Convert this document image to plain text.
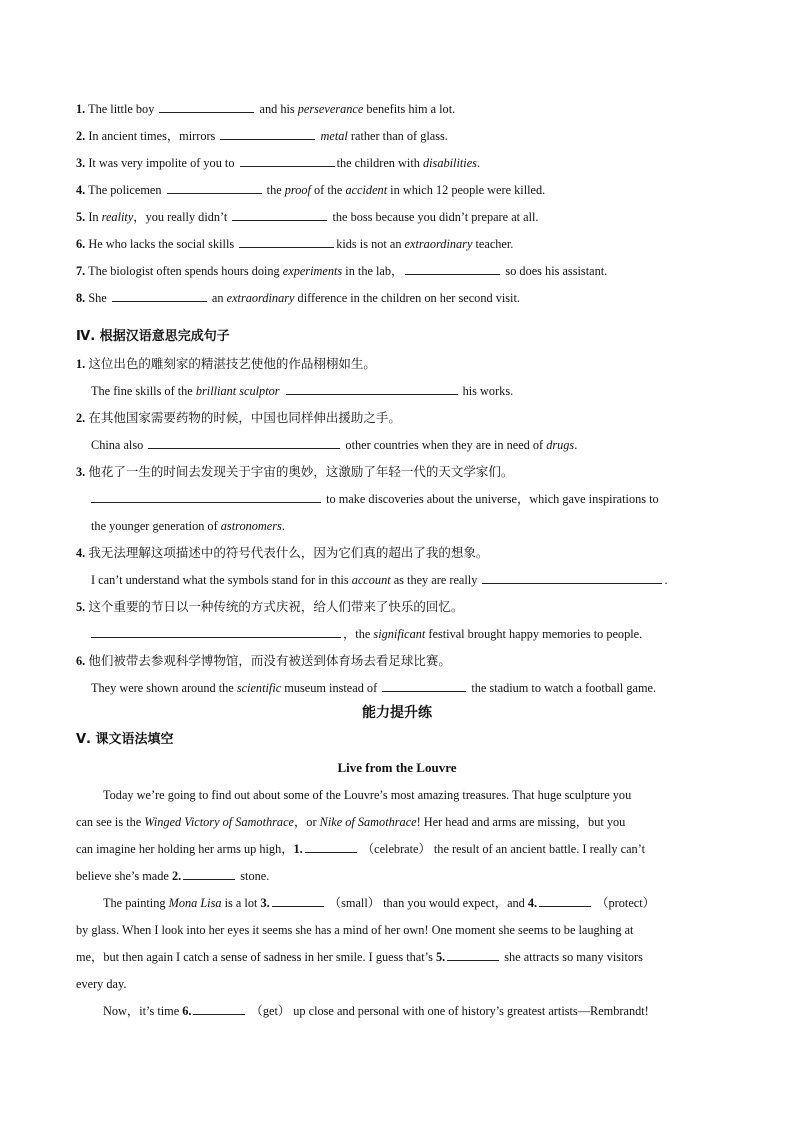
1. The little boy	and his perseverance benefits him a lot.
2. In ancient times，mirrors	metal rather than of glass.
3. It was very impolite of you to	the children with disabilities.
4. The policemen	the proof of the accident in which 12 people were killed.
5. In reality，you really didn’t	the boss because you didn’t prepare at all.
6. He who lacks the social skills	kids is not an extraordinary teacher.
7. The biologist often spends hours doing experiments in the lab，	so does his assistant.
8. She	an extraordinary difference in the children on her second visit.
Ⅳ. 根据汉语意思完成句子
1. 这位出色的雕刻家的精湛技艺使他的作品栩栩如生。
The fine skills of the brilliant sculptor	his works.
2. 在其他国家需要药物的时候，中国也同样伸出援助之手。
China also	other countries when they are in need of drugs.
3. 他花了一生的时间去发现关于宇宙的奥妙，这激励了年轻一代的天文学家们。
to make discoveries about the universe，which gave inspirations to
the younger generation of astronomers.
4. 我无法理解这项描述中的符号代表什么，因为它们真的超出了我的想象。
I can’t understand what the symbols stand for in this account as they are really	.
5. 这个重要的节日以一种传统的方式庆祝，给人们带来了快乐的回忆。
，the significant festival brought happy memories to people.
6. 他们被带去参观科学博物馆，而没有被送到体育场去看足球比赛。
They were shown around the scientific museum instead of	the stadium to watch a football game.
能力提升练
Ⅴ. 课文语法填空
Live from the Louvre
Today we’re going to find out about some of the Louvre’s most amazing treasures. That huge sculpture you
can see is the Winged Victory of Samothrace，or Nike of Samothrace! Her head and arms are missing，but you
can imagine her holding her arms up high，1.	（celebrate） the result of an ancient battle. I really can’t
believe she’s made 2.	stone.
The painting Mona Lisa is a lot 3.	（small） than you would expect，and 4.	（protect）
by glass. When I look into her eyes it seems she has a mind of her own! One moment she seems to be laughing at
me，but then again I catch a sense of sadness in her smile. I guess that’s 5.	she attracts so many visitors
every day.
Now，it’s time 6.	（get） up close and personal with one of history’s greatest artists—Rembrandt!
